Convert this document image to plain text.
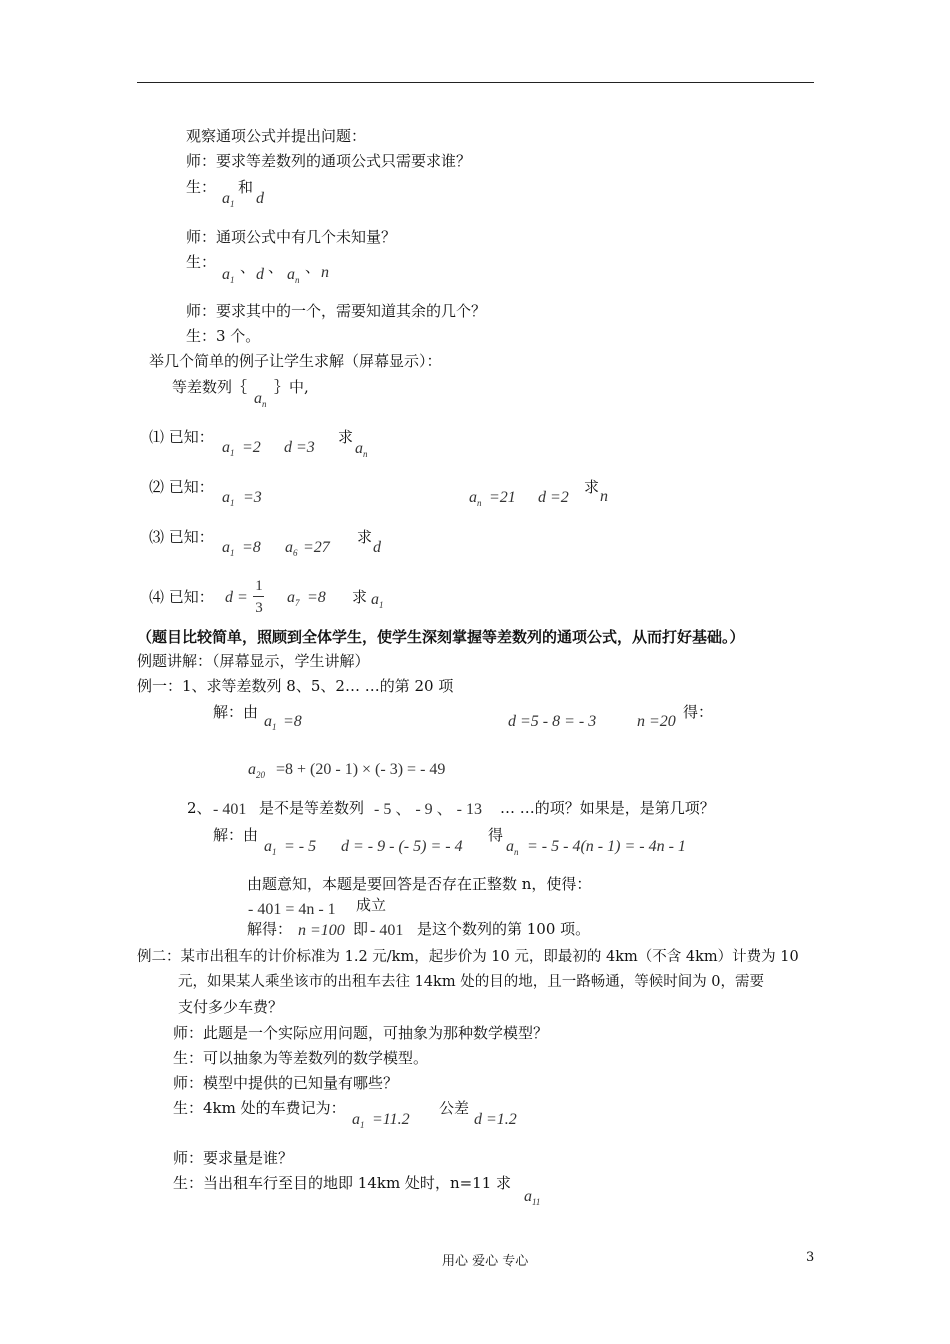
观察通项公式并提出问题：
师：要求等差数列的通项公式只需要求谁？
生：
$a_1$
和
d
师：通项公式中有几个未知量？
生：
$a_1$
、 d 、 $a_n$
、 n
师：要求其中的一个，需要知道其余的几个？
生：3 个。
举几个简单的例子让学生求解（屏幕显示）：
等差数列｛
$a_n$
｝中,
⑴ 已知：
$a_1 =2$ d =3
求
$a_n$
⑵ 已知：
$a_1 =3$	$a_n =21$ d =2
求
n
⑶ 已知：
$a_1 =8$ $a_6 =27$
求
d
⑷ 已知： d =
1
3
$a_7 =8$ 求 $a_1$
（题目比较简单，照顾到全体学生，使学生深刻掌握等差数列的通项公式，从而打好基础。）
例题讲解：（屏幕显示，学生讲解）
例一：1、求等差数列 8、5、2… …的第 20 项
解：由
$a_1 =8$	d =5 - 8 = - 3	n =20
得：
$a_{20} =8 + (20 - 1)$ × (- 3) = - 49
2、 - 401 是不是等差数列 - 5 、 - 9 、 - 13 … …的项？如果是，是第几项？
解：由
$a_1$ = - 5 d = - 9 - (- 5) = - 4
得
$a_n$ = - 5 - 4(n - 1) = - 4n - 1
由题意知，本题是要回答是否存在正整数 n，使得：
- 401 = 4n - 1 成立
解得： n =100 即 - 401 是这个数列的第 100 项。
例二：某市出租车的计价标准为 1.2 元/km，起步价为 10 元，即最初的 4km（不含 4km）计费为 10
元，如果某人乘坐该市的出租车去往 14km 处的目的地，且一路畅通，等候时间为 0，需要
支付多少车费？
师：此题是一个实际应用问题，可抽象为那种数学模型？
生：可以抽象为等差数列的数学模型。
师：模型中提供的已知量有哪些？
生：4km 处的车费记为：
$a_1 =11.2$
公差
d =1.2
师：要求量是谁？
生：当出租车行至目的地即 14km 处时，n=11 求
$a_{11}$
用心 爱心 专心	3
